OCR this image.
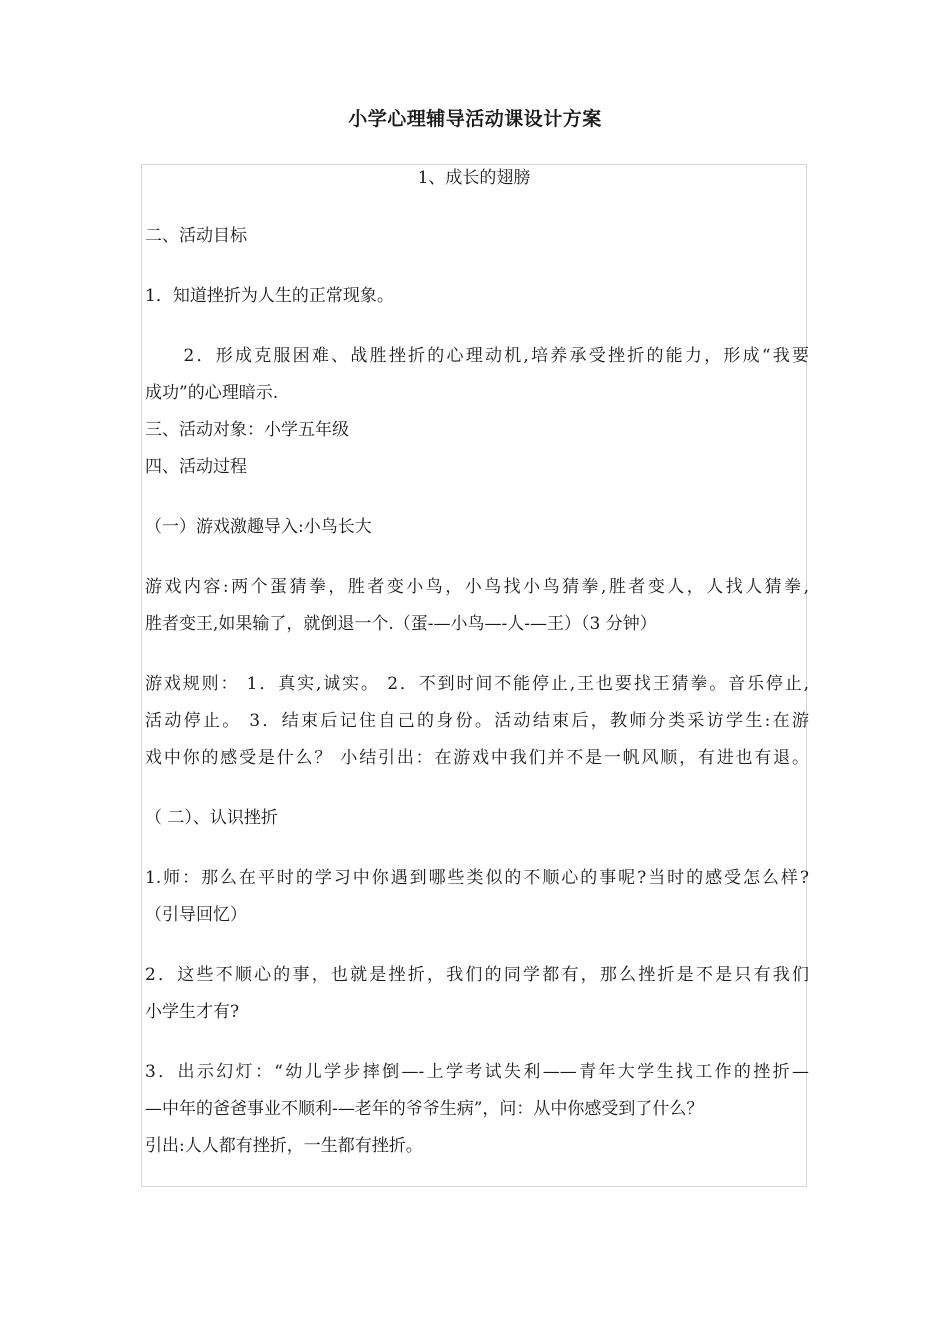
小学心理辅导活动课设计方案
1、成长的翅膀
二、活动目标
1．知道挫折为人生的正常现象。
　　2．形成克服困难、战胜挫折的心理动机,培养承受挫折的能力，形成“我要
成功”的心理暗示.
三、活动对象：小学五年级
四、活动过程
（一）游戏激趣导入:小鸟长大
游戏内容:两个蛋猜拳，胜者变小鸟，小鸟找小鸟猜拳,胜者变人，人找人猜拳,
胜者变王,如果输了，就倒退一个.（蛋-—小鸟—-人-—王）（3 分钟）
游戏规则： 1．真实,诚实。 2．不到时间不能停止,王也要找王猜拳。音乐停止,
活动停止。 3．结束后记住自己的身份。活动结束后，教师分类采访学生:在游
戏中你的感受是什么？ 小结引出：在游戏中我们并不是一帆风顺，有进也有退。
（ 二）、认识挫折
1.师：那么在平时的学习中你遇到哪些类似的不顺心的事呢?当时的感受怎么样?
（引导回忆）
2．这些不顺心的事，也就是挫折，我们的同学都有，那么挫折是不是只有我们
小学生才有?
3．出示幻灯：“幼儿学步摔倒—-上学考试失利——青年大学生找工作的挫折—
—中年的爸爸事业不顺利-—老年的爷爷生病”，问：从中你感受到了什么？
引出:人人都有挫折，一生都有挫折。
